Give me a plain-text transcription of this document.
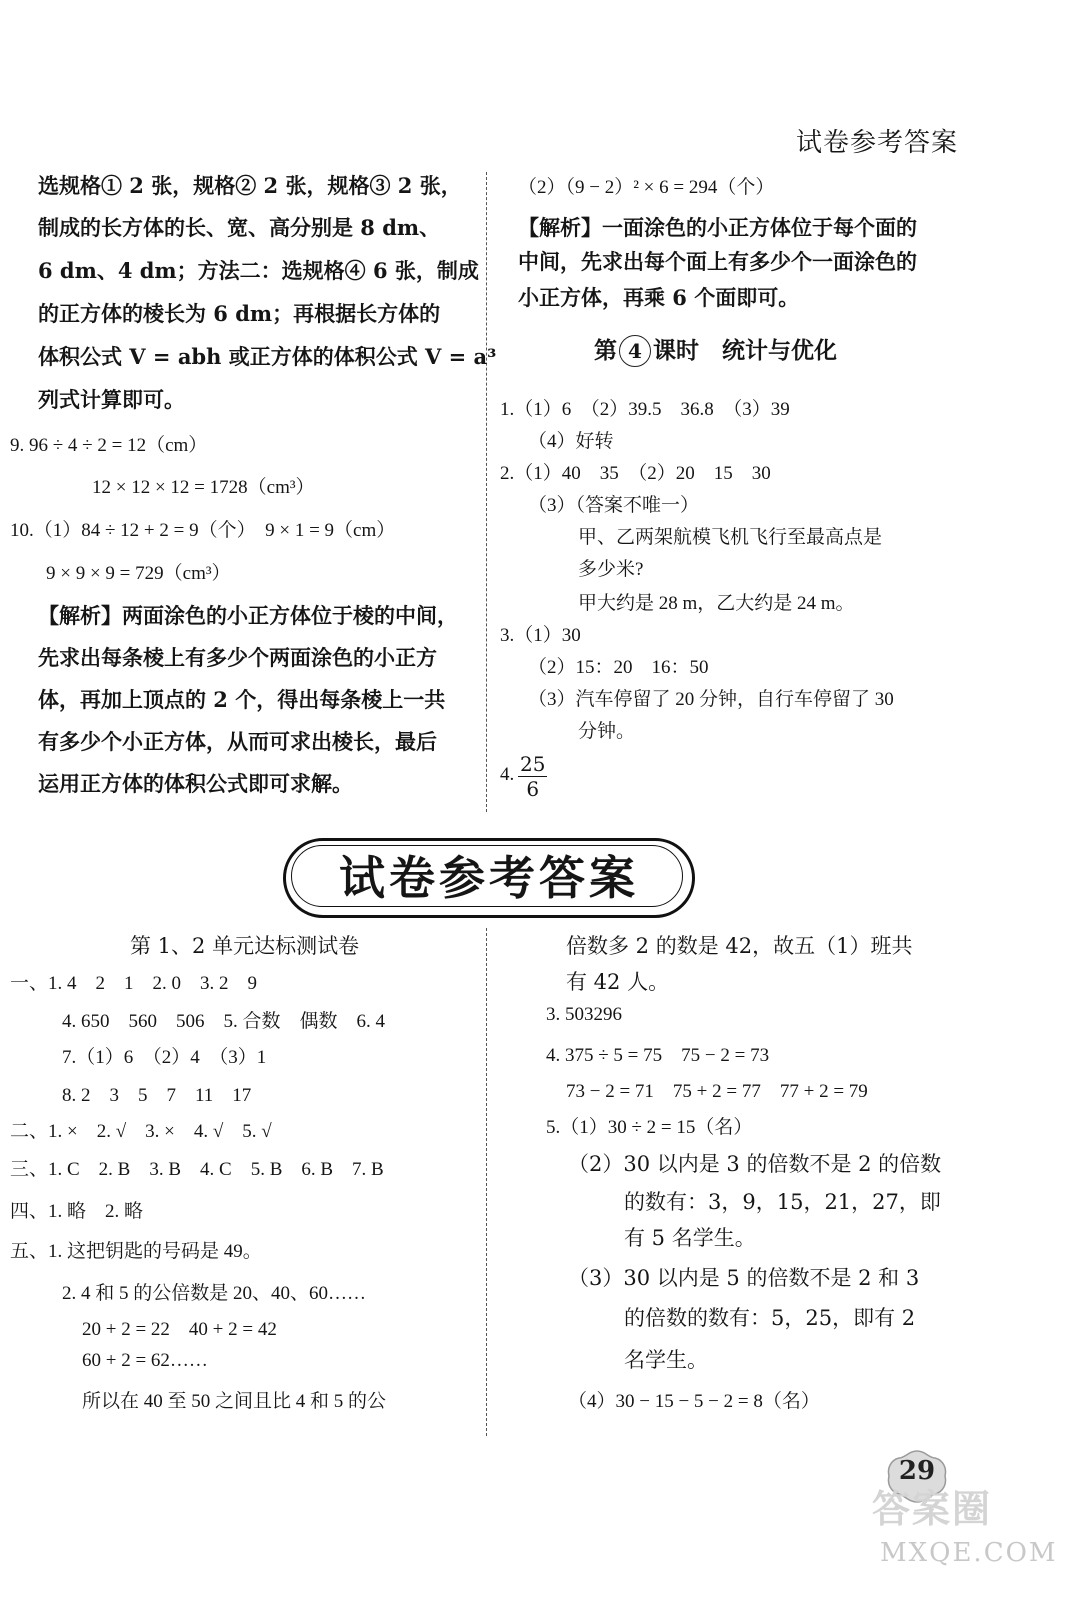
试卷参考答案
选规格① 2 张，规格② 2 张，规格③ 2 张，
制成的长方体的长、宽、高分别是 8 dm、
6 dm、4 dm；方法二：选规格④ 6 张，制成
的正方体的棱长为 6 dm；再根据长方体的
体积公式 V = abh 或正方体的体积公式 V = a³
列式计算即可。
9. 96 ÷ 4 ÷ 2 = 12（cm）
12 × 12 × 12 = 1728（cm³）
10.（1）84 ÷ 12 + 2 = 9（个）　9 × 1 = 9（cm）
9 × 9 × 9 = 729（cm³）
【解析】两面涂色的小正方体位于棱的中间，
先求出每条棱上有多少个两面涂色的小正方
体，再加上顶点的 2 个，得出每条棱上一共
有多少个小正方体，从而可求出棱长，最后
运用正方体的体积公式即可求解。
（2）（9 − 2）² × 6 = 294（个）
【解析】一面涂色的小正方体位于每个面的
中间，先求出每个面上有多少个一面涂色的
小正方体，再乘 6 个面即可。
第 4 课时　统计与优化
1.（1）6　（2）39.5　36.8　（3）39
（4）好转
2.（1）40　35　（2）20　15　30
（3）（答案不唯一）
甲、乙两架航模飞机飞行至最高点是
多少米?
甲大约是 28 m，乙大约是 24 m。
3.（1）30
（2）15：20　16：50
（3）汽车停留了 20 分钟，自行车停留了 30
分钟。
4. $\frac{25}{6}$
试卷参考答案
第 1、2 单元达标测试卷
一、1. 4　2　1　2. 0　3. 2　9
4. 650　560　506　5. 合数　偶数　6. 4
7.（1）6　（2）4　（3）1
8. 2　3　5　7　11　17
二、1. ×　2. √　3. ×　4. √　5. √
三、1. C　2. B　3. B　4. C　5. B　6. B　7. B
四、1. 略　2. 略
五、1. 这把钥匙的号码是 49。
2. 4 和 5 的公倍数是 20、40、60……
20 + 2 = 22　40 + 2 = 42
60 + 2 = 62……
所以在 40 至 50 之间且比 4 和 5 的公
倍数多 2 的数是 42，故五（1）班共
有 42 人。
3. 503296
4. 375 ÷ 5 = 75　75 − 2 = 73
73 − 2 = 71　75 + 2 = 77　77 + 2 = 79
5.（1）30 ÷ 2 = 15（名）
（2）30 以内是 3 的倍数不是 2 的倍数
的数有：3，9，15，21，27，即
有 5 名学生。
（3）30 以内是 5 的倍数不是 2 和 3
的倍数的数有：5，25，即有 2
名学生。
（4）30 − 15 − 5 − 2 = 8（名）
29
答案圈
MXQE.COM
